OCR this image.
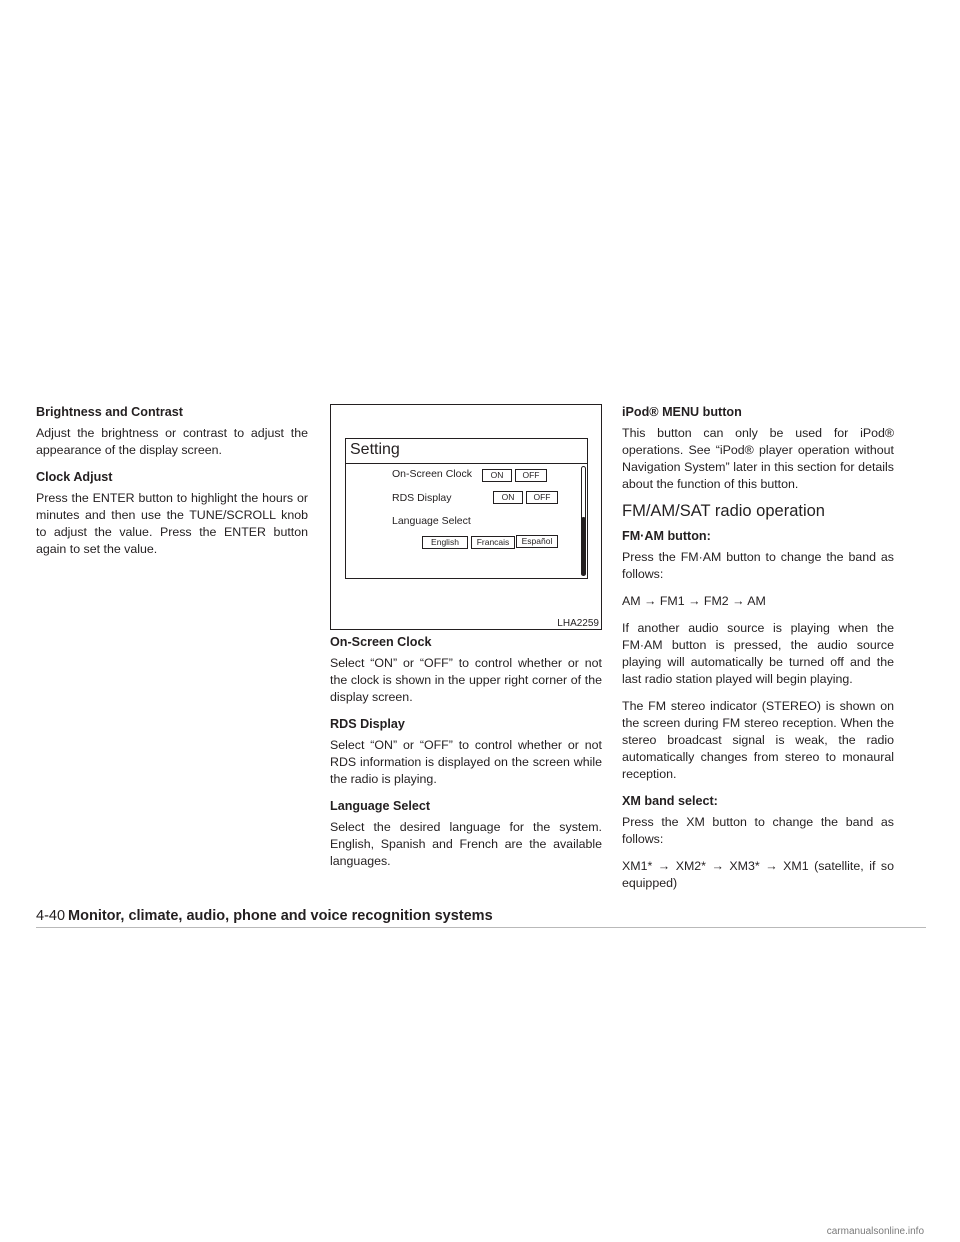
Brightness and Contrast

Adjust the brightness or contrast to adjust the appearance of the display screen.

Clock Adjust

Press the ENTER button to highlight the hours or minutes and then use the TUNE/SCROLL knob to adjust the value. Press the ENTER button again to set the value.

Setting
On-Screen Clock	ON	OFF
RDS Display	ON	OFF
Language Select
English	Francais	Español
LHA2259
On-Screen Clock

Select “ON” or “OFF” to control whether or not the clock is shown in the upper right corner of the display screen.

RDS Display

Select “ON” or “OFF” to control whether or not RDS information is displayed on the screen while the radio is playing.

Language Select

Select the desired language for the system. English, Spanish and French are the available languages.

iPod® MENU button

This button can only be used for iPod® operations. See “iPod® player operation without Navigation System” later in this section for details about the function of this button.

FM/AM/SAT radio operation
FM·AM button:

Press the FM·AM button to change the band as follows:

AM → FM1 → FM2 → AM

If another audio source is playing when the FM·AM button is pressed, the audio source playing will automatically be turned off and the last radio station played will begin playing.

The FM stereo indicator (STEREO) is shown on the screen during FM stereo reception. When the stereo broadcast signal is weak, the radio automatically changes from stereo to monaural reception.

XM band select:

Press the XM button to change the band as follows:

XM1* → XM2* → XM3* → XM1 (satellite, if so equipped)

4-40 Monitor, climate, audio, phone and voice recognition systems
carmanualsonline.info
